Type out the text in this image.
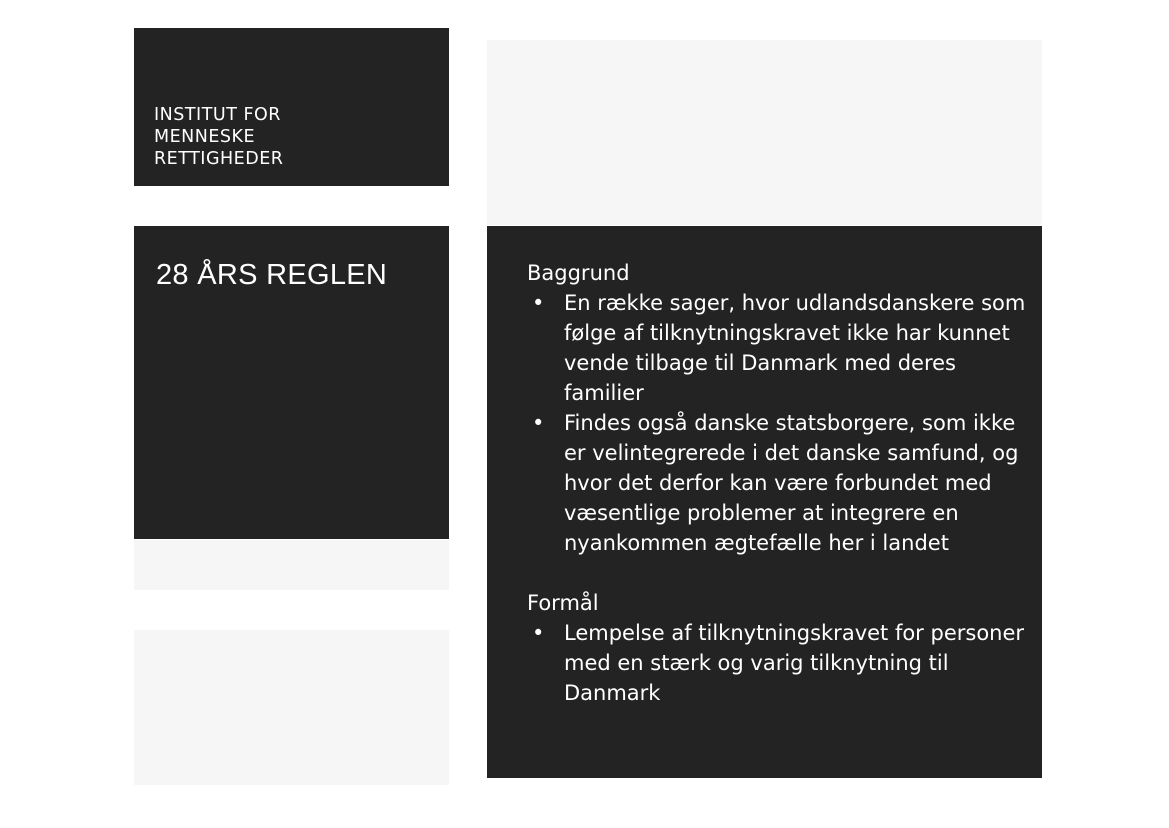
INSTITUT FOR
MENNESKE
RETTIGHEDER
28 ÅRS REGLEN	Baggrund

• En række sager, hvor udlandsdanskere som følge af tilknytningskravet ikke har kunnet vende tilbage til Danmark med deres familier
• Findes også danske statsborgere, som ikke er velintegrerede i det danske samfund, og hvor det derfor kan være forbundet med væsentlige problemer at integrere en nyankommen ægtefælle her i landet

Formål

• Lempelse af tilknytningskravet for personer med en stærk og varig tilknytning til Danmark
